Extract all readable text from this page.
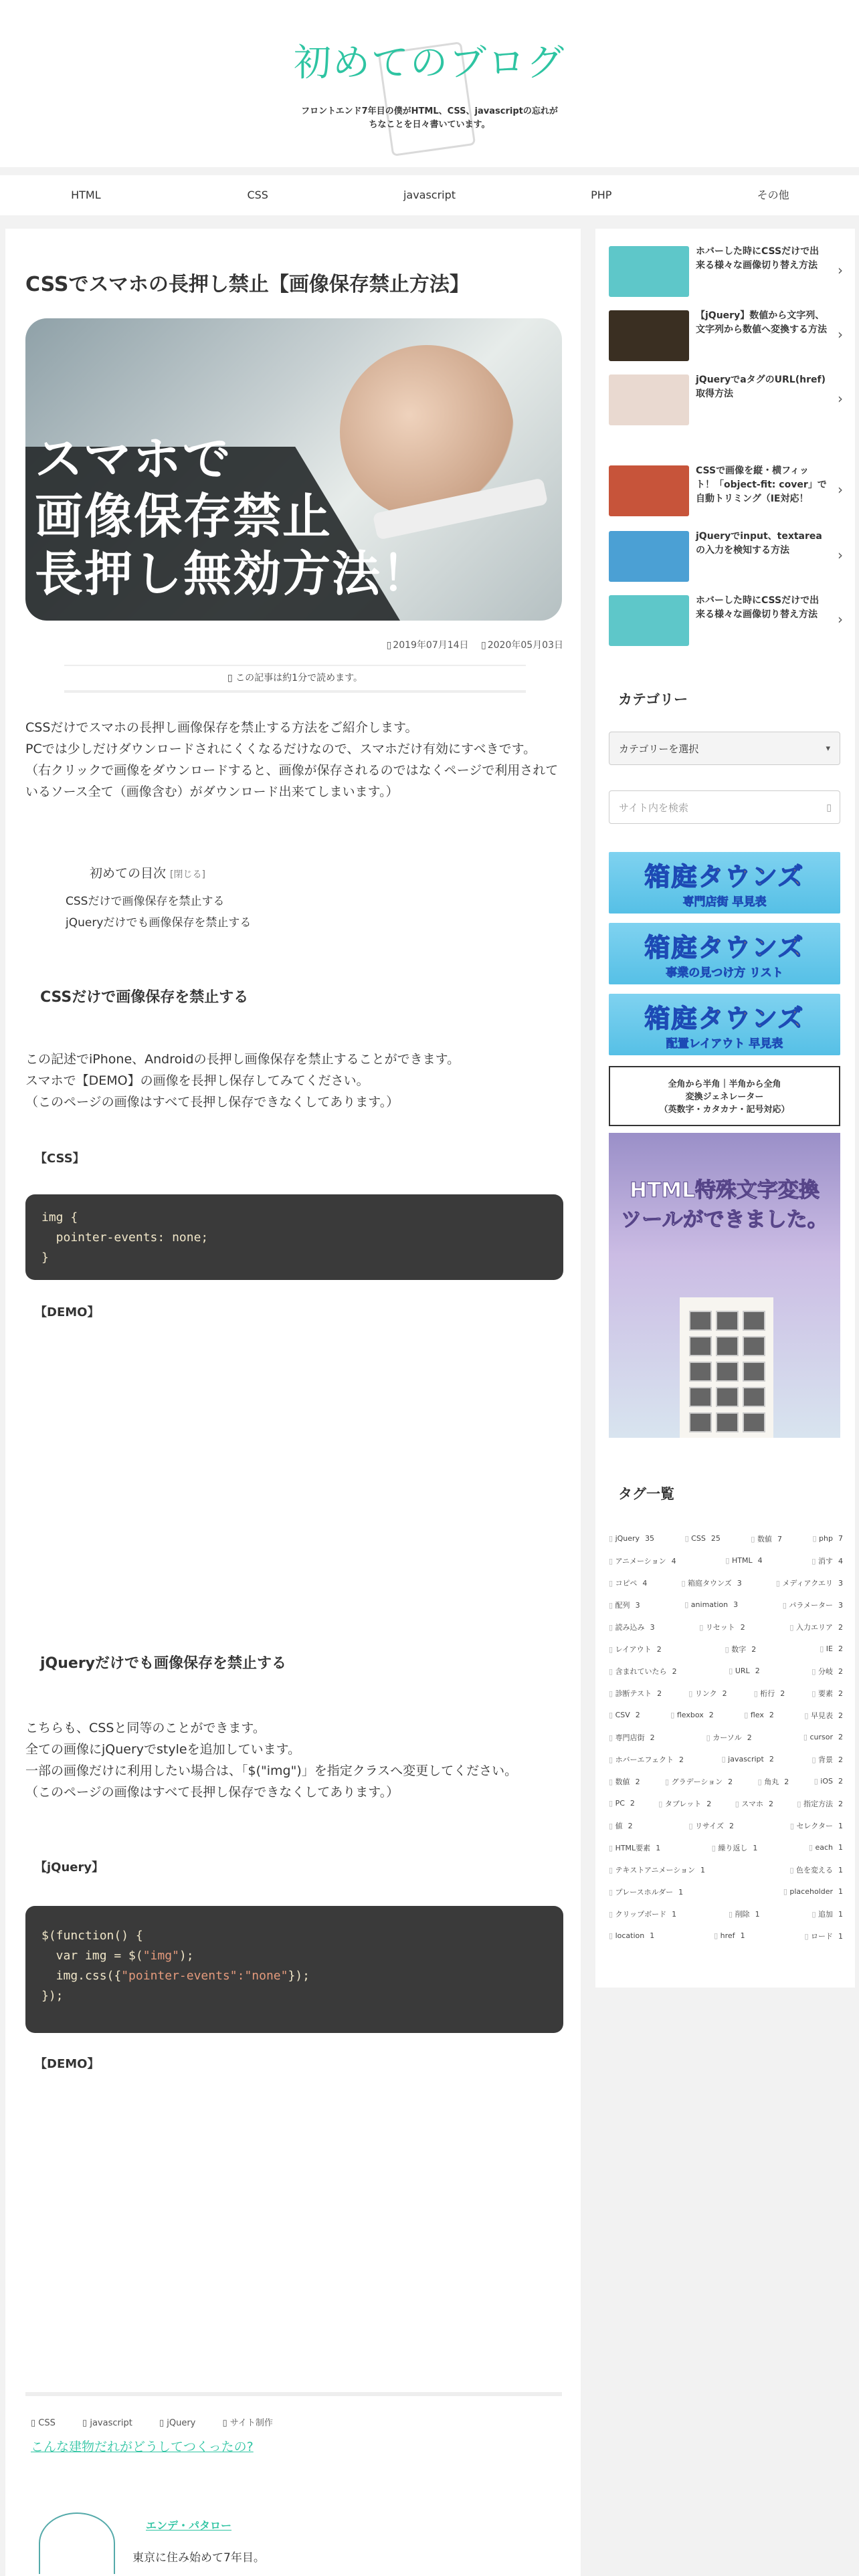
初めてのブログ
フロントエンド7年目の僕がHTML、CSS、javascriptの忘れが
ちなことを日々書いています。
HTML	CSS	javascript	PHP	その他
CSSでスマホの長押し禁止【画像保存禁止方法】
スマホで
画像保存禁止
長押し無効方法！
▯ 2019年07月14日 ▯ 2020年05月03日
▯ この記事は約1分で読めます。
CSSだけでスマホの長押し画像保存を禁止する方法をご紹介します。
PCでは少しだけダウンロードされにくくなるだけなので、スマホだけ有効にすべきです。
（右クリックで画像をダウンロードすると、画像が保存されるのではなくページで利用されているソース全て（画像含む）がダウンロード出来てしまいます。）
初めての目次 [閉じる]
CSSだけで画像保存を禁止する
jQueryだけでも画像保存を禁止する
CSSだけで画像保存を禁止する
この記述でiPhone、Androidの長押し画像保存を禁止することができます。
スマホで【DEMO】の画像を長押し保存してみてください。
（このページの画像はすべて長押し保存できなくしてあります。）
【CSS】
img {
pointer-events: none;
}
【DEMO】
jQueryだけでも画像保存を禁止する
こちらも、CSSと同等のことができます。
全ての画像にjQueryでstyleを追加しています。
一部の画像だけに利用したい場合は、「$("img")」を指定クラスへ変更してください。
（このページの画像はすべて長押し保存できなくしてあります。）
【jQuery】
$(function() {
var img = $("img");
img.css({"pointer-events":"none"});
});
【DEMO】
▯ CSS	▯ javascript	▯ jQuery	▯ サイト制作
こんな建物だれがどうしてつくったの?
エンデ・パタロー
東京に住み始めて7年目。
ホバーした時にCSSだけで出来る様々な画像切り替え方法	›
【jQuery】数値から文字列、文字列から数値へ変換する方法 ›
jQueryでaタグのURL(href)取得方法	›
CSSで画像を縦・横フィット！「object-fit: cover」で自動トリミング（IE対応！
›
jQueryでinput、textareaの入力を検知する方法	›
ホバーした時にCSSだけで出来る様々な画像切り替え方法	›
カテゴリー
カテゴリーを選択	▾
サイト内を検索	▯
箱庭タウンズ
専門店街 早見表
箱庭タウンズ
事業の見つけ方 リスト
箱庭タウンズ
配置レイアウト 早見表
全角から半角｜半角から全角
変換ジェネレーター
（英数字・カタカナ・記号対応）
HTML特殊文字変換
ツールができました。
タグ一覧
▯ jQuery 35	▯ CSS 25	▯ 数値 7	▯ php 7
▯ アニメーション 4	▯ HTML 4	▯ 消す 4
▯ コピペ 4	▯ 箱庭タウンズ 3	▯ メディアクエリ 3
▯ 配列 3	▯ animation 3	▯ パラメーター 3
▯ 読み込み 3	▯ リセット 2	▯ 入力エリア 2
▯ レイアウト 2	▯ 数字 2	▯ IE 2
▯ 含まれていたら 2	▯ URL 2	▯ 分岐 2
▯ 診断テスト 2	▯ リンク 2	▯ 桁行 2	▯ 要素 2
▯ CSV 2	▯ flexbox 2	▯ flex 2	▯ 早見表 2
▯ 専門店街 2	▯ カーソル 2	▯ cursor 2
▯ ホバーエフェクト 2	▯ javascript 2	▯ 背景 2
▯ 数値 2	▯ グラデーション 2	▯ 角丸 2	▯ iOS 2
▯ PC 2	▯ タブレット 2	▯ スマホ 2	▯ 指定方法 2
▯ 値 2	▯ リサイズ 2	▯ セレクター 1
▯ HTML要素 1	▯ 繰り返し 1	▯ each 1
▯ テキストアニメーション 1	▯ 色を変える 1
▯ プレースホルダー 1	▯ placeholder 1
▯ クリップボード 1	▯ 削除 1	▯ 追加 1
▯ location 1	▯ href 1	▯ ロード 1
